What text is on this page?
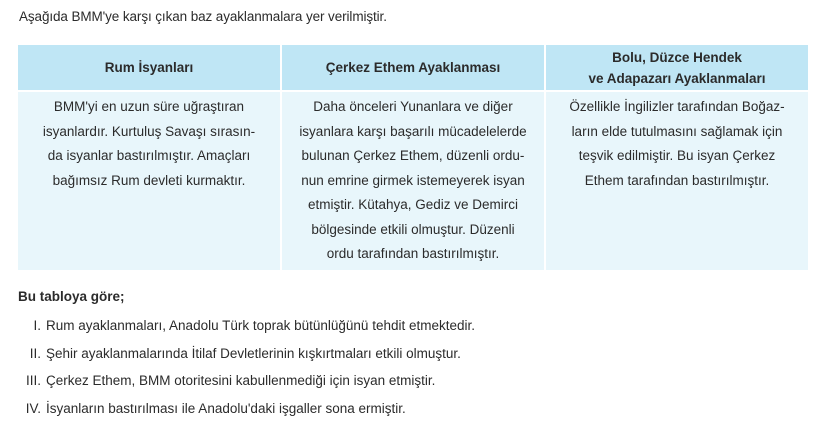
Aşağıda BMM'ye karşı çıkan baz ayaklanmalara yer verilmiştir.
Rum İsyanları
BMM'yi en uzun süre uğraştıran
isyanlardır. Kurtuluş Savaşı sırasın-
da isyanlar bastırılmıştır. Amaçları
bağımsız Rum devleti kurmaktır.
Çerkez Ethem Ayaklanması
Daha önceleri Yunanlara ve diğer
isyanlara karşı başarılı mücadelelerde
bulunan Çerkez Ethem, düzenli ordu-
nun emrine girmek istemeyerek isyan
etmiştir. Kütahya, Gediz ve Demirci
bölgesinde etkili olmuştur. Düzenli
ordu tarafından bastırılmıştır.
Bolu, Düzce Hendek
ve Adapazarı Ayaklanmaları
Özellikle İngilizler tarafından Boğaz-
ların elde tutulmasını sağlamak için
teşvik edilmiştir. Bu isyan Çerkez
Ethem tarafından bastırılmıştır.
Bu tabloya göre;
I. Rum ayaklanmaları, Anadolu Türk toprak bütünlüğünü tehdit etmektedir.
II. Şehir ayaklanmalarında İtilaf Devletlerinin kışkırtmaları etkili olmuştur.
III. Çerkez Ethem, BMM otoritesini kabullenmediği için isyan etmiştir.
IV. İsyanların bastırılması ile Anadolu'daki işgaller sona ermiştir.
